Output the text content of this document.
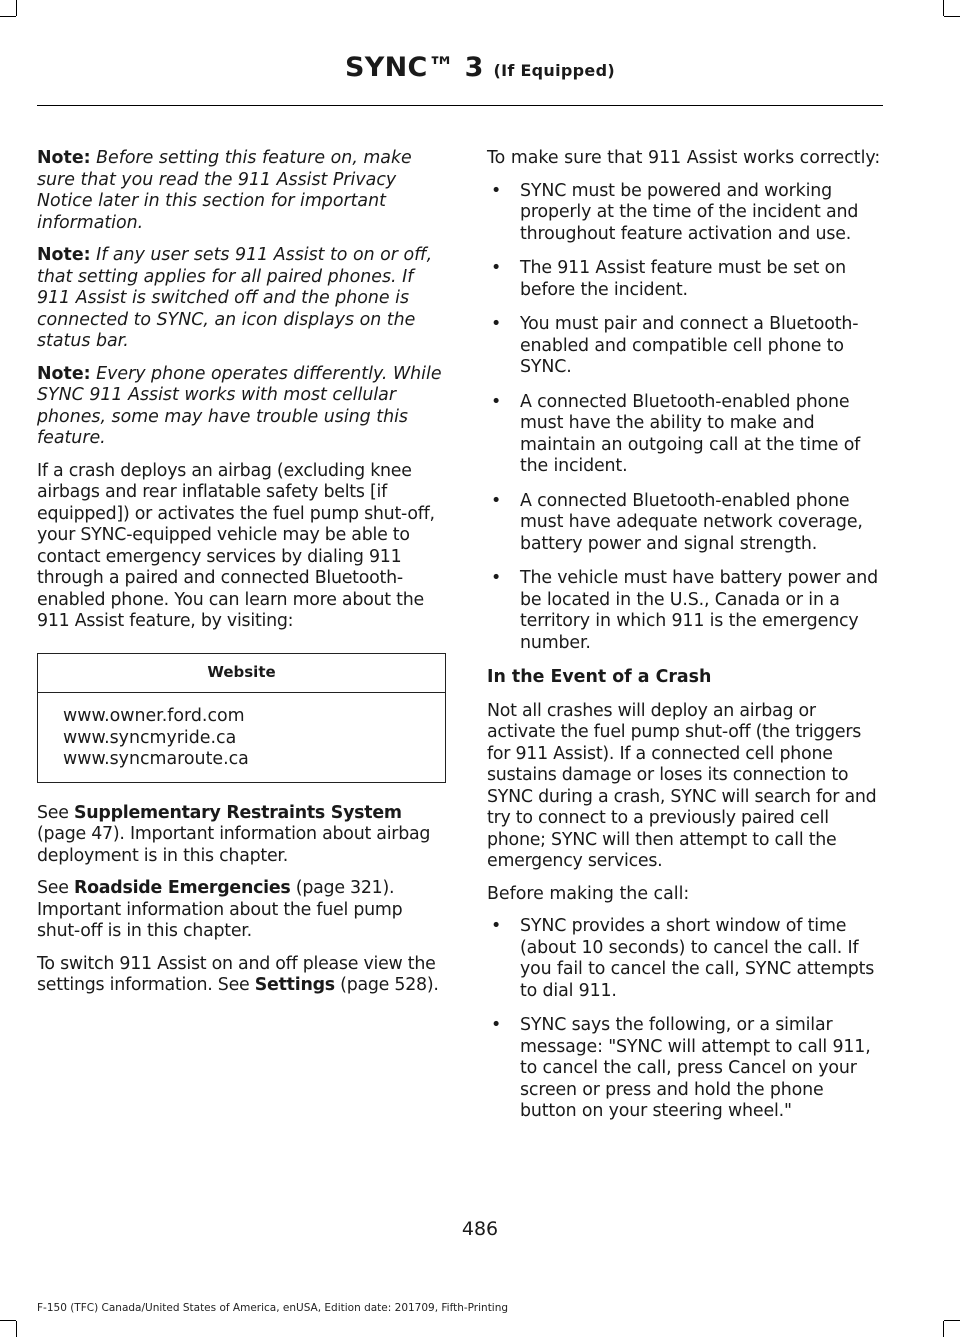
SYNC™ 3 (If Equipped)

Note: Before setting this feature on, make sure that you read the 911 Assist Privacy Notice later in this section for important information.

Note: If any user sets 911 Assist to on or off, that setting applies for all paired phones. If 911 Assist is switched off and the phone is connected to SYNC, an icon displays on the status bar.

Note: Every phone operates differently. While SYNC 911 Assist works with most cellular phones, some may have trouble using this feature.

If a crash deploys an airbag (excluding knee airbags and rear inflatable safety belts [if equipped]) or activates the fuel pump shut-off, your SYNC-equipped vehicle may be able to contact emergency services by dialing 911 through a paired and connected Bluetooth-enabled phone. You can learn more about the 911 Assist feature, by visiting:

Website
www.owner.ford.com
www.syncmyride.ca
www.syncmaroute.ca

See Supplementary Restraints System (page 47). Important information about airbag deployment is in this chapter.

See Roadside Emergencies (page 321). Important information about the fuel pump shut-off is in this chapter.

To switch 911 Assist on and off please view the settings information. See Settings (page 528).

To make sure that 911 Assist works correctly:

• SYNC must be powered and working properly at the time of the incident and throughout feature activation and use.
• The 911 Assist feature must be set on before the incident.
• You must pair and connect a Bluetooth-enabled and compatible cell phone to SYNC.
• A connected Bluetooth-enabled phone must have the ability to make and maintain an outgoing call at the time of the incident.
• A connected Bluetooth-enabled phone must have adequate network coverage, battery power and signal strength.
• The vehicle must have battery power and be located in the U.S., Canada or in a territory in which 911 is the emergency number.
In the Event of a Crash

Not all crashes will deploy an airbag or activate the fuel pump shut-off (the triggers for 911 Assist). If a connected cell phone sustains damage or loses its connection to SYNC during a crash, SYNC will search for and try to connect to a previously paired cell phone; SYNC will then attempt to call the emergency services.

Before making the call:

• SYNC provides a short window of time (about 10 seconds) to cancel the call. If you fail to cancel the call, SYNC attempts to dial 911.
• SYNC says the following, or a similar message: "SYNC will attempt to call 911, to cancel the call, press Cancel on your screen or press and hold the phone button on your steering wheel."
486
F-150 (TFC) Canada/United States of America, enUSA, Edition date: 201709, Fifth-Printing
